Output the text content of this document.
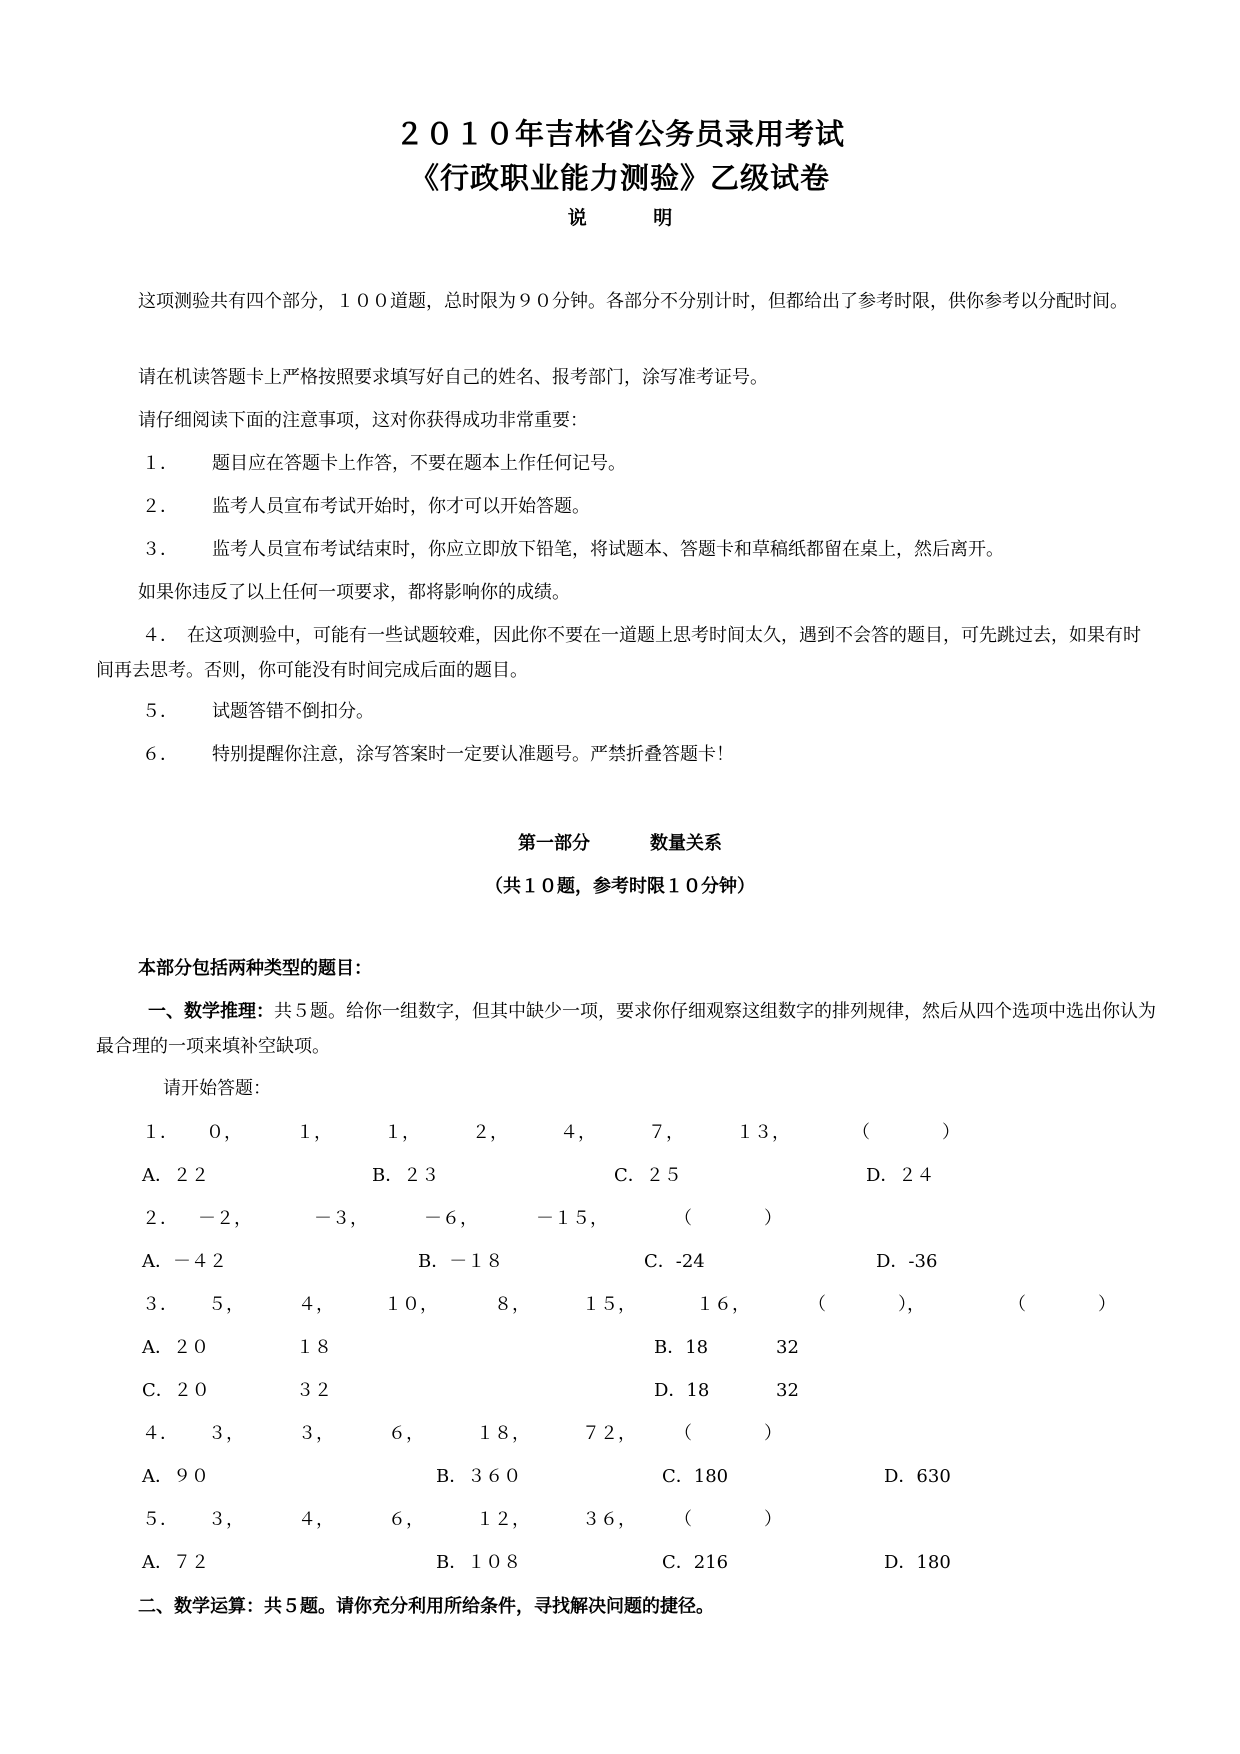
２０１０年吉林省公务员录用考试
《行政职业能力测验》乙级试卷
说 明
这项测验共有四个部分，１００道题，总时限为９０分钟。各部分不分别计时，但都给出了参考时限，供你参考以分配时间。
请在机读答题卡上严格按照要求填写好自己的姓名、报考部门，涂写准考证号。
请仔细阅读下面的注意事项，这对你获得成功非常重要：
１． 题目应在答题卡上作答，不要在题本上作任何记号。
２． 监考人员宣布考试开始时，你才可以开始答题。
３． 监考人员宣布考试结束时，你应立即放下铅笔，将试题本、答题卡和草稿纸都留在桌上，然后离开。
如果你违反了以上任何一项要求，都将影响你的成绩。
４．　在这项测验中，可能有一些试题较难，因此你不要在一道题上思考时间太久，遇到不会答的题目，可先跳过去，如果有时间再去思考。否则，你可能没有时间完成后面的题目。
５． 试题答错不倒扣分。
６． 特别提醒你注意，涂写答案时一定要认准题号。严禁折叠答题卡！
第一部分	数量关系
（共１０题，参考时限１０分钟）
本部分包括两种类型的题目：
一、数学推理：共５题。给你一组数字，但其中缺少一项，要求你仔细观察这组数字的排列规律，然后从四个选项中选出你认为最合理的一项来填补空缺项。
请开始答题：
１． ０，	１，	１，	２，	４，	７，	１３，	（　　　　）
A．２２	B．２３	C．２５	D．２４
２． －２，	－３，	－６，	－１５，	（　　　　）
A．－４２	B．－１８	C．-24	D．-36
３． ５，	４，	１０，	８，	１５，	１６，	（　　　　），	（　　　　）
A．２０	１８	B．18	32
C．２０	３２	D．18	32
４． ３，	３，	６，	１８，	７２， （　　　　）
A．９０	B．３６０	C．180	D．630
５． ３，	４，	６，	１２，	３６， （　　　　）
A．７２	B．１０８	C．216	D．180
二、数学运算：共５题。请你充分利用所给条件，寻找解决问题的捷径。
